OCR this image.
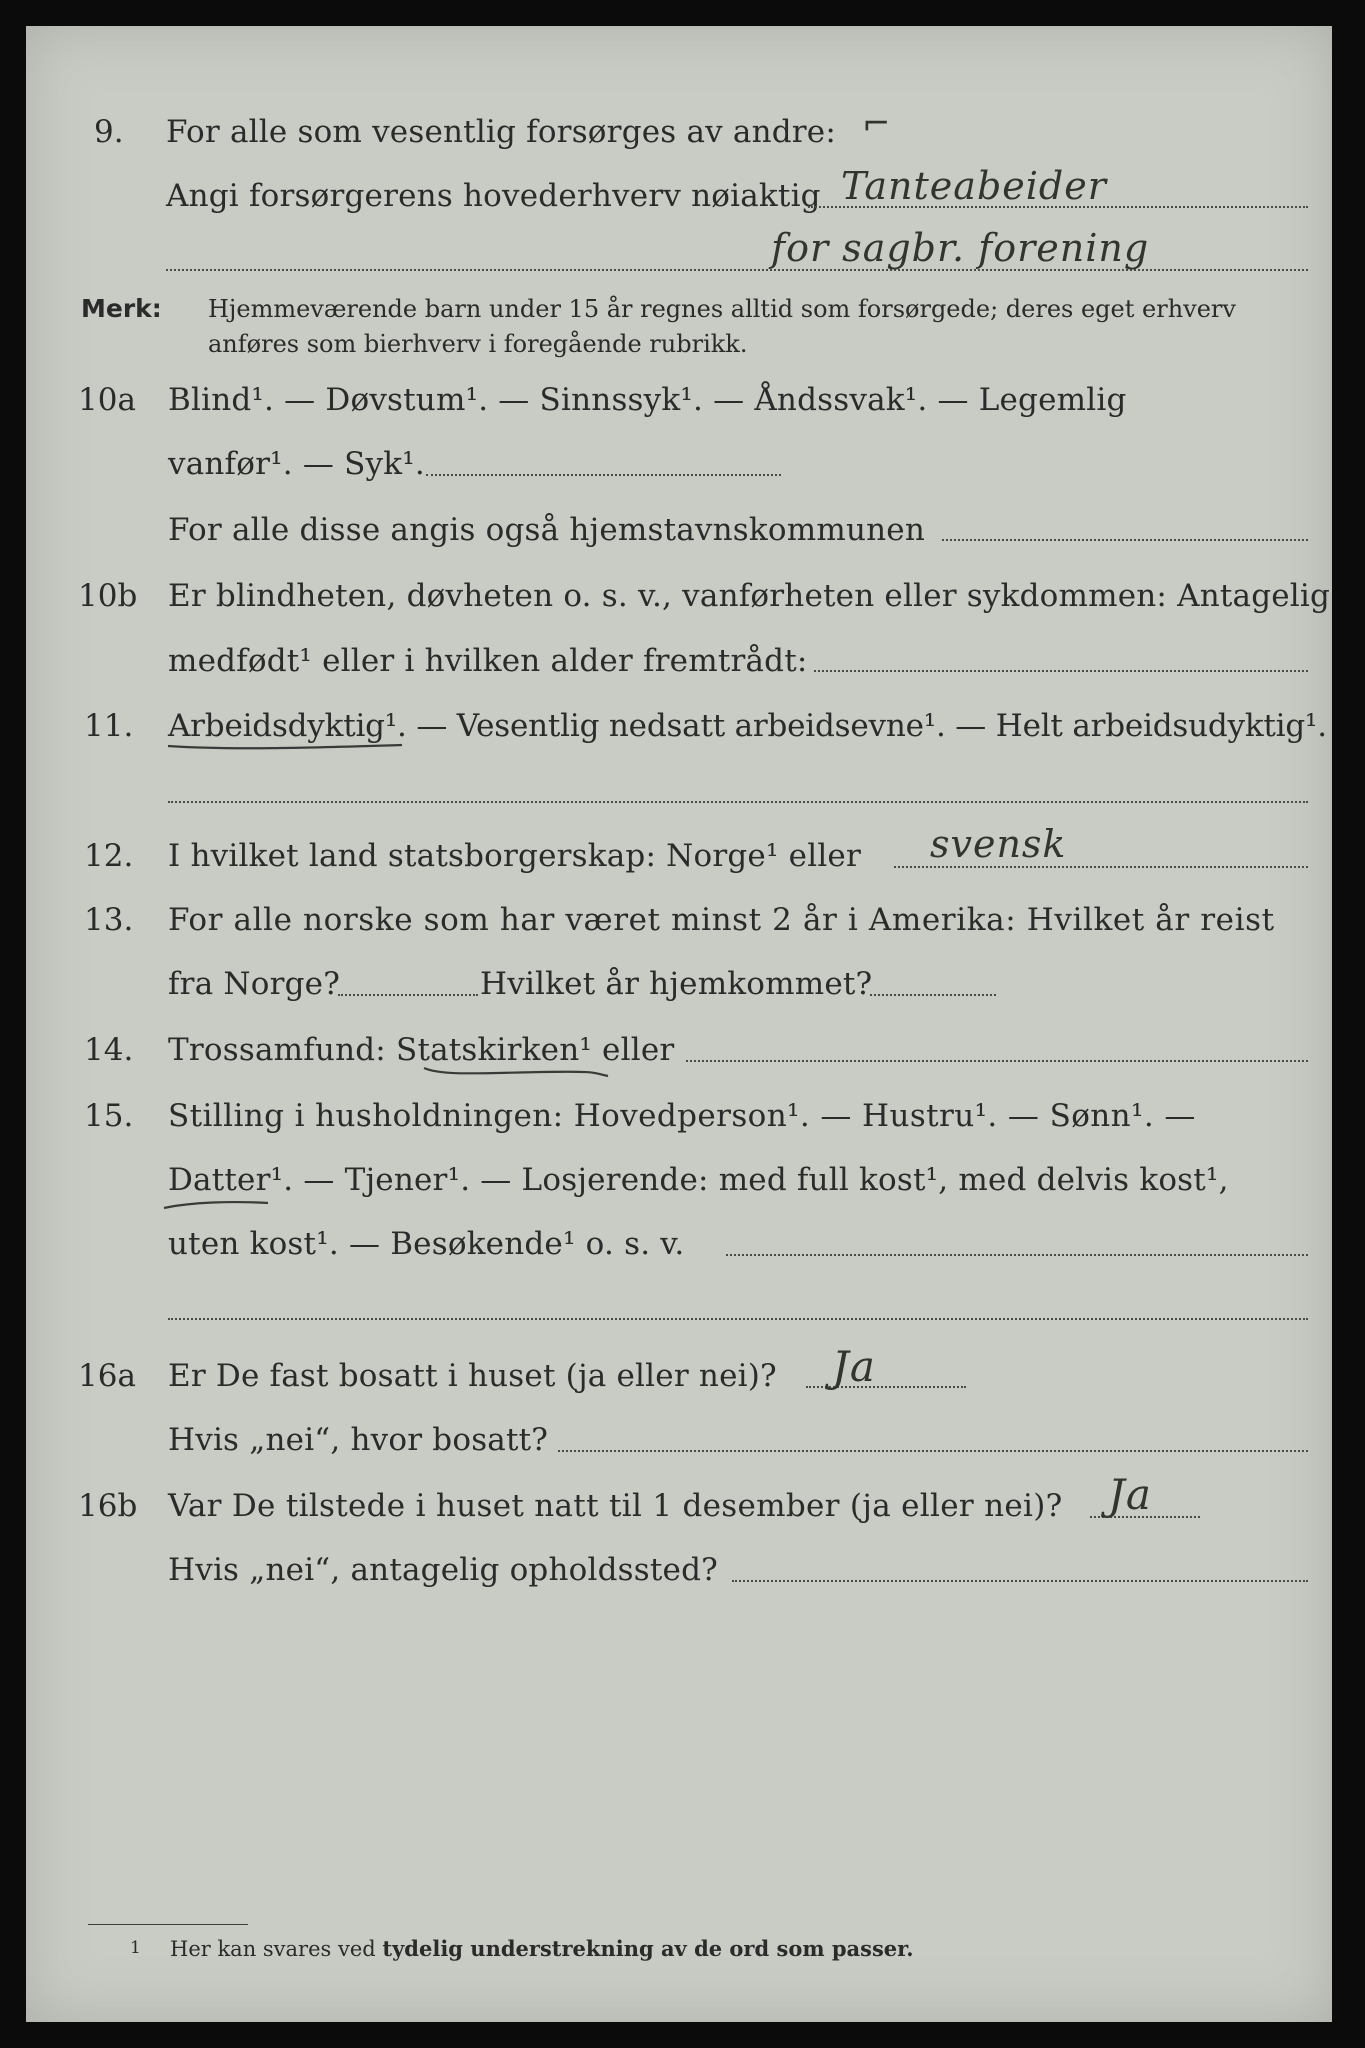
9. For alle som vesentlig forsørges av andre: ⌐
Angi forsørgerens hovederhverv nøiaktig Tanteabeider
for sagbr. forening
Merk: Hjemmeværende barn under 15 år regnes alltid som forsørgede; deres eget erhverv
anføres som bierhverv i foregående rubrikk.
10a Blind¹. — Døvstum¹. — Sinnssyk¹. — Åndssvak¹. — Legemlig
vanfør¹. — Syk¹.
For alle disse angis også hjemstavnskommunen
10b Er blindheten, døvheten o. s. v., vanførheten eller sykdommen: Antagelig
medfødt¹ eller i hvilken alder fremtrådt:
11. Arbeidsdyktig¹. — Vesentlig nedsatt arbeidsevne¹. — Helt arbeidsudyktig¹.
12. I hvilket land statsborgerskap: Norge¹ eller svensk
13. For alle norske som har været minst 2 år i Amerika: Hvilket år reist
fra Norge?	Hvilket år hjemkommet?
14. Trossamfund: Statskirken¹ eller
15. Stilling i husholdningen: Hovedperson¹. — Hustru¹. — Sønn¹. —
Datter¹. — Tjener¹. — Losjerende: med full kost¹, med delvis kost¹,
uten kost¹. — Besøkende¹ o. s. v.
16a Er De fast bosatt i huset (ja eller nei)? Ja
Hvis „nei“, hvor bosatt?
16b Var De tilstede i huset natt til 1 desember (ja eller nei)? Ja
Hvis „nei“, antagelig opholdssted?
1 Her kan svares ved tydelig understrekning av de ord som passer.
